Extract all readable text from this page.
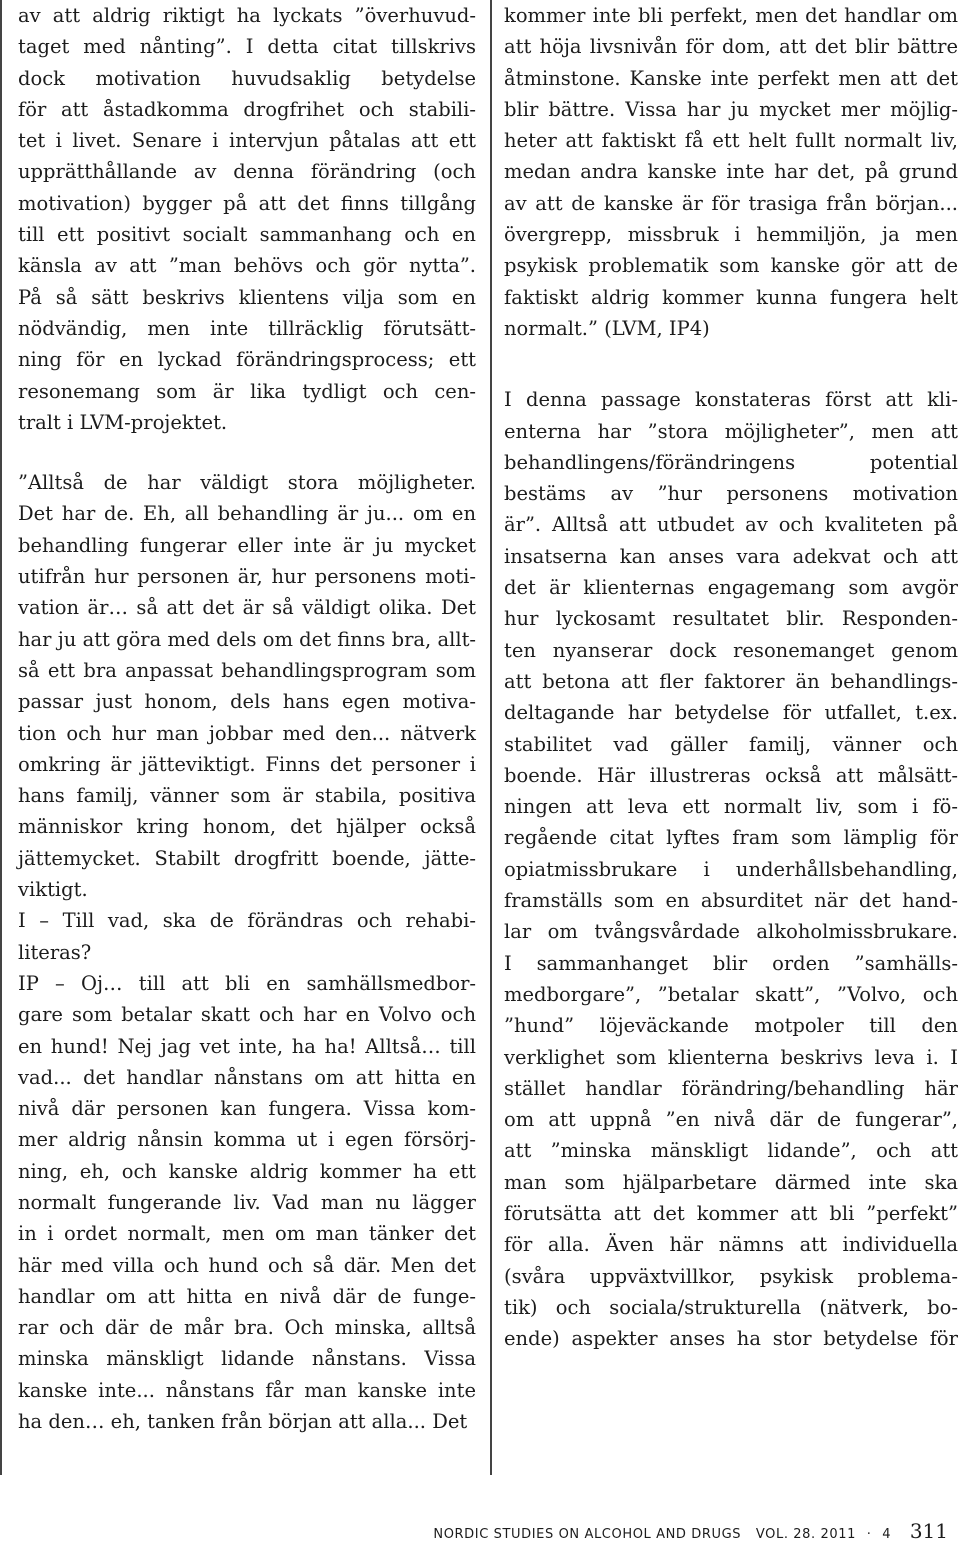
av att aldrig riktigt ha lyckats ”överhuvud-
taget med nånting”. I detta citat tillskrivs
dock motivation huvudsaklig betydelse
för att åstadkomma drogfrihet och stabili-
tet i livet. Senare i intervjun påtalas att ett
upprätthållande av denna förändring (och
motivation) bygger på att det finns tillgång
till ett positivt socialt sammanhang och en
känsla av att ”man behövs och gör nytta”.
På så sätt beskrivs klientens vilja som en
nödvändig, men inte tillräcklig förutsätt-
ning för en lyckad förändringsprocess; ett
resonemang som är lika tydligt och cen-
tralt i LVM-projektet.
”Alltså de har väldigt stora möjligheter.
Det har de. Eh, all behandling är ju... om en
behandling fungerar eller inte är ju mycket
utifrån hur personen är, hur personens moti-
vation är… så att det är så väldigt olika. Det
har ju att göra med dels om det finns bra, allt-
så ett bra anpassat behandlingsprogram som
passar just honom, dels hans egen motiva-
tion och hur man jobbar med den... nätverk
omkring är jätteviktigt. Finns det personer i
hans familj, vänner som är stabila, positiva
människor kring honom, det hjälper också
jättemycket. Stabilt drogfritt boende, jätte-
viktigt.
I – Till vad, ska de förändras och rehabi-
literas?
IP – Oj… till att bli en samhällsmedbor-
gare som betalar skatt och har en Volvo och
en hund! Nej jag vet inte, ha ha! Alltså… till
vad... det handlar nånstans om att hitta en
nivå där personen kan fungera. Vissa kom-
mer aldrig nånsin komma ut i egen försörj-
ning, eh, och kanske aldrig kommer ha ett
normalt fungerande liv. Vad man nu lägger
in i ordet normalt, men om man tänker det
här med villa och hund och så där. Men det
handlar om att hitta en nivå där de funge-
rar och där de mår bra. Och minska, alltså
minska mänskligt lidande nånstans. Vissa
kanske inte... nånstans får man kanske inte
ha den… eh, tanken från början att alla... Det
kommer inte bli perfekt, men det handlar om
att höja livsnivån för dom, att det blir bättre
åtminstone. Kanske inte perfekt men att det
blir bättre. Vissa har ju mycket mer möjlig-
heter att faktiskt få ett helt fullt normalt liv,
medan andra kanske inte har det, på grund
av att de kanske är för trasiga från början...
övergrepp, missbruk i hemmiljön, ja men
psykisk problematik som kanske gör att de
faktiskt aldrig kommer kunna fungera helt
normalt.” (LVM, IP4)
I denna passage konstateras först att kli-
enterna har ”stora möjligheter”, men att
behandlingens/förändringens potential
bestäms av ”hur personens motivation
är”. Alltså att utbudet av och kvaliteten på
insatserna kan anses vara adekvat och att
det är klienternas engagemang som avgör
hur lyckosamt resultatet blir. Responden-
ten nyanserar dock resonemanget genom
att betona att fler faktorer än behandlings-
deltagande har betydelse för utfallet, t.ex.
stabilitet vad gäller familj, vänner och
boende. Här illustreras också att målsätt-
ningen att leva ett normalt liv, som i fö-
regående citat lyftes fram som lämplig för
opiatmissbrukare i underhållsbehandling,
framställs som en absurditet när det hand-
lar om tvångsvårdade alkoholmissbrukare.
I sammanhanget blir orden ”samhälls-
medborgare”, ”betalar skatt”, ”Volvo, och
”hund” löjeväckande motpoler till den
verklighet som klienterna beskrivs leva i. I
stället handlar förändring/behandling här
om att uppnå ”en nivå där de fungerar”,
att ”minska mänskligt lidande”, och att
man som hjälparbetare därmed inte ska
förutsätta att det kommer att bli ”perfekt”
för alla. Även här nämns att individuella
(svåra uppväxtvillkor, psykisk problema-
tik) och sociala/strukturella (nätverk, bo-
ende) aspekter anses ha stor betydelse för
NORDIC STUDIES ON ALCOHOL AND DRUGS VOL. 28. 2011 · 4 311
